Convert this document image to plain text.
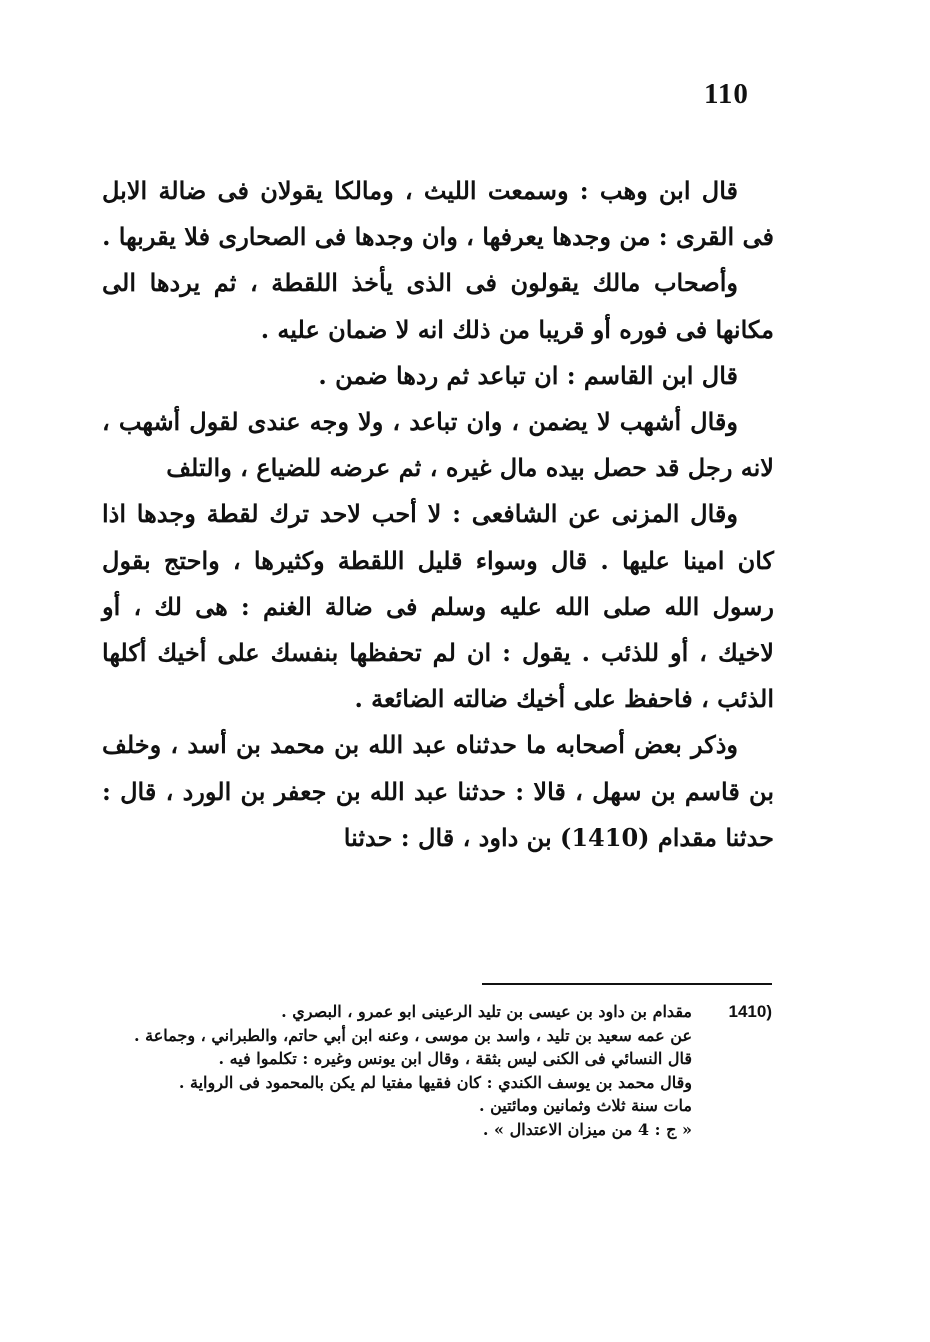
110

قال ابن وهب : وسمعت الليث ، ومالكا يقولان فى ضالة الابل فى القرى : من وجدها يعرفها ، وان وجدها فى الصحارى فلا يقربها .

وأصحاب مالك يقولون فى الذى يأخذ اللقطة ، ثم يردها الى مكانها فى فوره أو قريبا من ذلك انه لا ضمان عليه .

قال ابن القاسم : ان تباعد ثم ردها ضمن .

وقال أشهب لا يضمن ، وان تباعد ، ولا وجه عندى لقول أشهب ، لانه رجل قد حصل بيده مال غيره ، ثم عرضه للضياع ، والتلف

وقال المزنى عن الشافعى : لا أحب لاحد ترك لقطة وجدها اذا كان امينا عليها . قال وسواء قليل اللقطة وكثيرها ، واحتج بقول رسول الله صلى الله عليه وسلم فى ضالة الغنم : هى لك ، أو لاخيك ، أو للذئب . يقول : ان لم تحفظها بنفسك على أخيك أكلها الذئب ، فاحفظ على أخيك ضالته الضائعة .

وذكر بعض أصحابه ما حدثناه عبد الله بن محمد بن أسد ، وخلف بن قاسم بن سهل ، قالا : حدثنا عبد الله بن جعفر بن الورد ، قال : حدثنا مقدام (1410) بن داود ، قال : حدثنا

(1410

مقدام بن داود بن عيسى بن تليد الرعينى ابو عمرو ، البصري .

عن عمه سعيد بن تليد ، واسد بن موسى ، وعنه ابن أبي حاتم، والطبراني ، وجماعة .

قال النسائي فى الكنى ليس بثقة ، وقال ابن يونس وغيره : تكلموا فيه .

وقال محمد بن يوسف الكندي : كان فقيها مفتيا لم يكن بالمحمود فى الرواية .

مات سنة ثلاث وثمانين ومائتين .

« ج : 4 من ميزان الاعتدال » .
